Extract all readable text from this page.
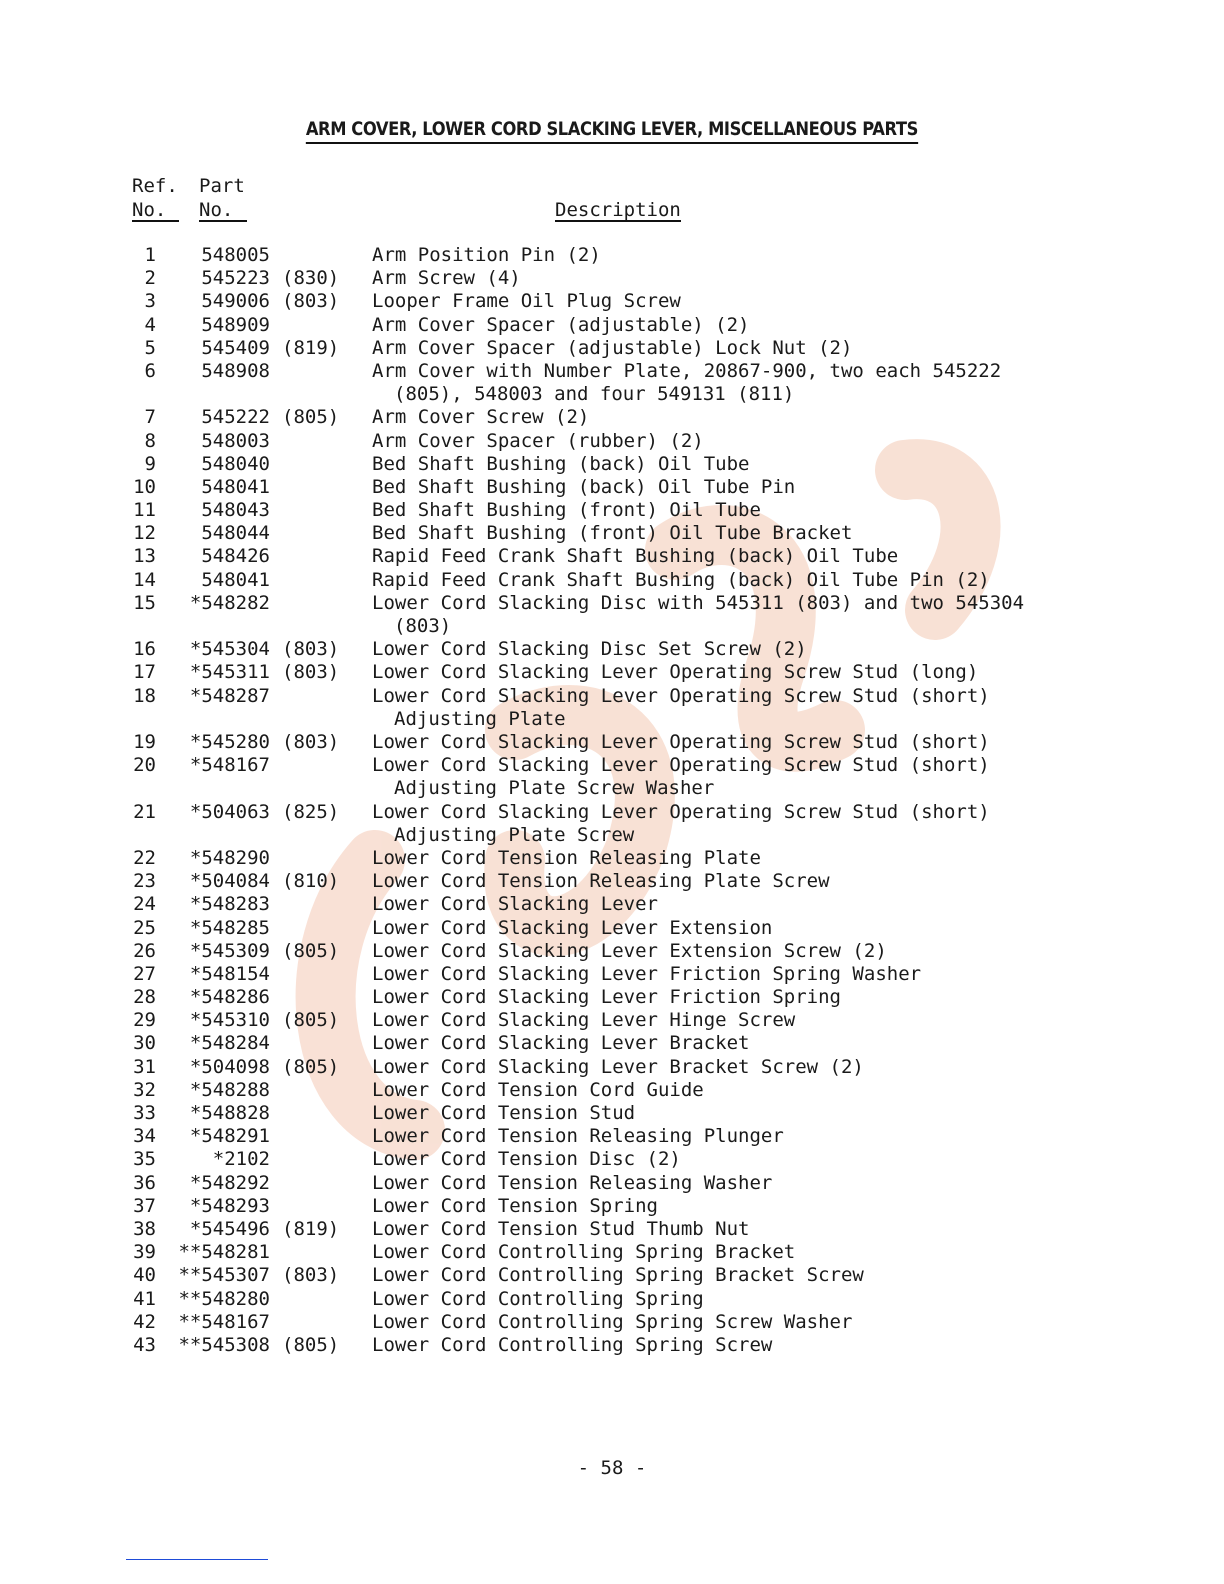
ARM COVER, LOWER CORD SLACKING LEVER, MISCELLANEOUS PARTS
Ref.
No.
Part
No.	Description
1	548005	Arm Position Pin (2)
2	545223 (830) Arm Screw (4)
3	549006 (803) Looper Frame Oil Plug Screw
4	548909	Arm Cover Spacer (adjustable) (2)
5	545409 (819) Arm Cover Spacer (adjustable) Lock Nut (2)
6	548908	Arm Cover with Number Plate, 20867-900, two each 545222
(805), 548003 and four 549131 (811)
7	545222 (805) Arm Cover Screw (2)
8	548003	Arm Cover Spacer (rubber) (2)
9	548040	Bed Shaft Bushing (back) Oil Tube
10	548041	Bed Shaft Bushing (back) Oil Tube Pin
11	548043	Bed Shaft Bushing (front) Oil Tube
12	548044	Bed Shaft Bushing (front) Oil Tube Bracket
13	548426	Rapid Feed Crank Shaft Bushing (back) Oil Tube
14	548041	Rapid Feed Crank Shaft Bushing (back) Oil Tube Pin (2)
15	*548282	Lower Cord Slacking Disc with 545311 (803) and two 545304
(803)
16	*545304 (803) Lower Cord Slacking Disc Set Screw (2)
17	*545311 (803) Lower Cord Slacking Lever Operating Screw Stud (long)
18	*548287	Lower Cord Slacking Lever Operating Screw Stud (short)
Adjusting Plate
19	*545280 (803) Lower Cord Slacking Lever Operating Screw Stud (short)
20	*548167	Lower Cord Slacking Lever Operating Screw Stud (short)
Adjusting Plate Screw Washer
21	*504063 (825) Lower Cord Slacking Lever Operating Screw Stud (short)
Adjusting Plate Screw
22	*548290	Lower Cord Tension Releasing Plate
23	*504084 (810) Lower Cord Tension Releasing Plate Screw
24	*548283	Lower Cord Slacking Lever
25	*548285	Lower Cord Slacking Lever Extension
26	*545309 (805) Lower Cord Slacking Lever Extension Screw (2)
27	*548154	Lower Cord Slacking Lever Friction Spring Washer
28	*548286	Lower Cord Slacking Lever Friction Spring
29	*545310 (805) Lower Cord Slacking Lever Hinge Screw
30	*548284	Lower Cord Slacking Lever Bracket
31	*504098 (805) Lower Cord Slacking Lever Bracket Screw (2)
32	*548288	Lower Cord Tension Cord Guide
33	*548828	Lower Cord Tension Stud
34	*548291	Lower Cord Tension Releasing Plunger
35	*2102	Lower Cord Tension Disc (2)
36	*548292	Lower Cord Tension Releasing Washer
37	*548293	Lower Cord Tension Spring
38	*545496 (819) Lower Cord Tension Stud Thumb Nut
39 **548281	Lower Cord Controlling Spring Bracket
40 **545307 (803) Lower Cord Controlling Spring Bracket Screw
41 **548280	Lower Cord Controlling Spring
42 **548167	Lower Cord Controlling Spring Screw Washer
43 **545308 (805) Lower Cord Controlling Spring Screw
- 58 -
